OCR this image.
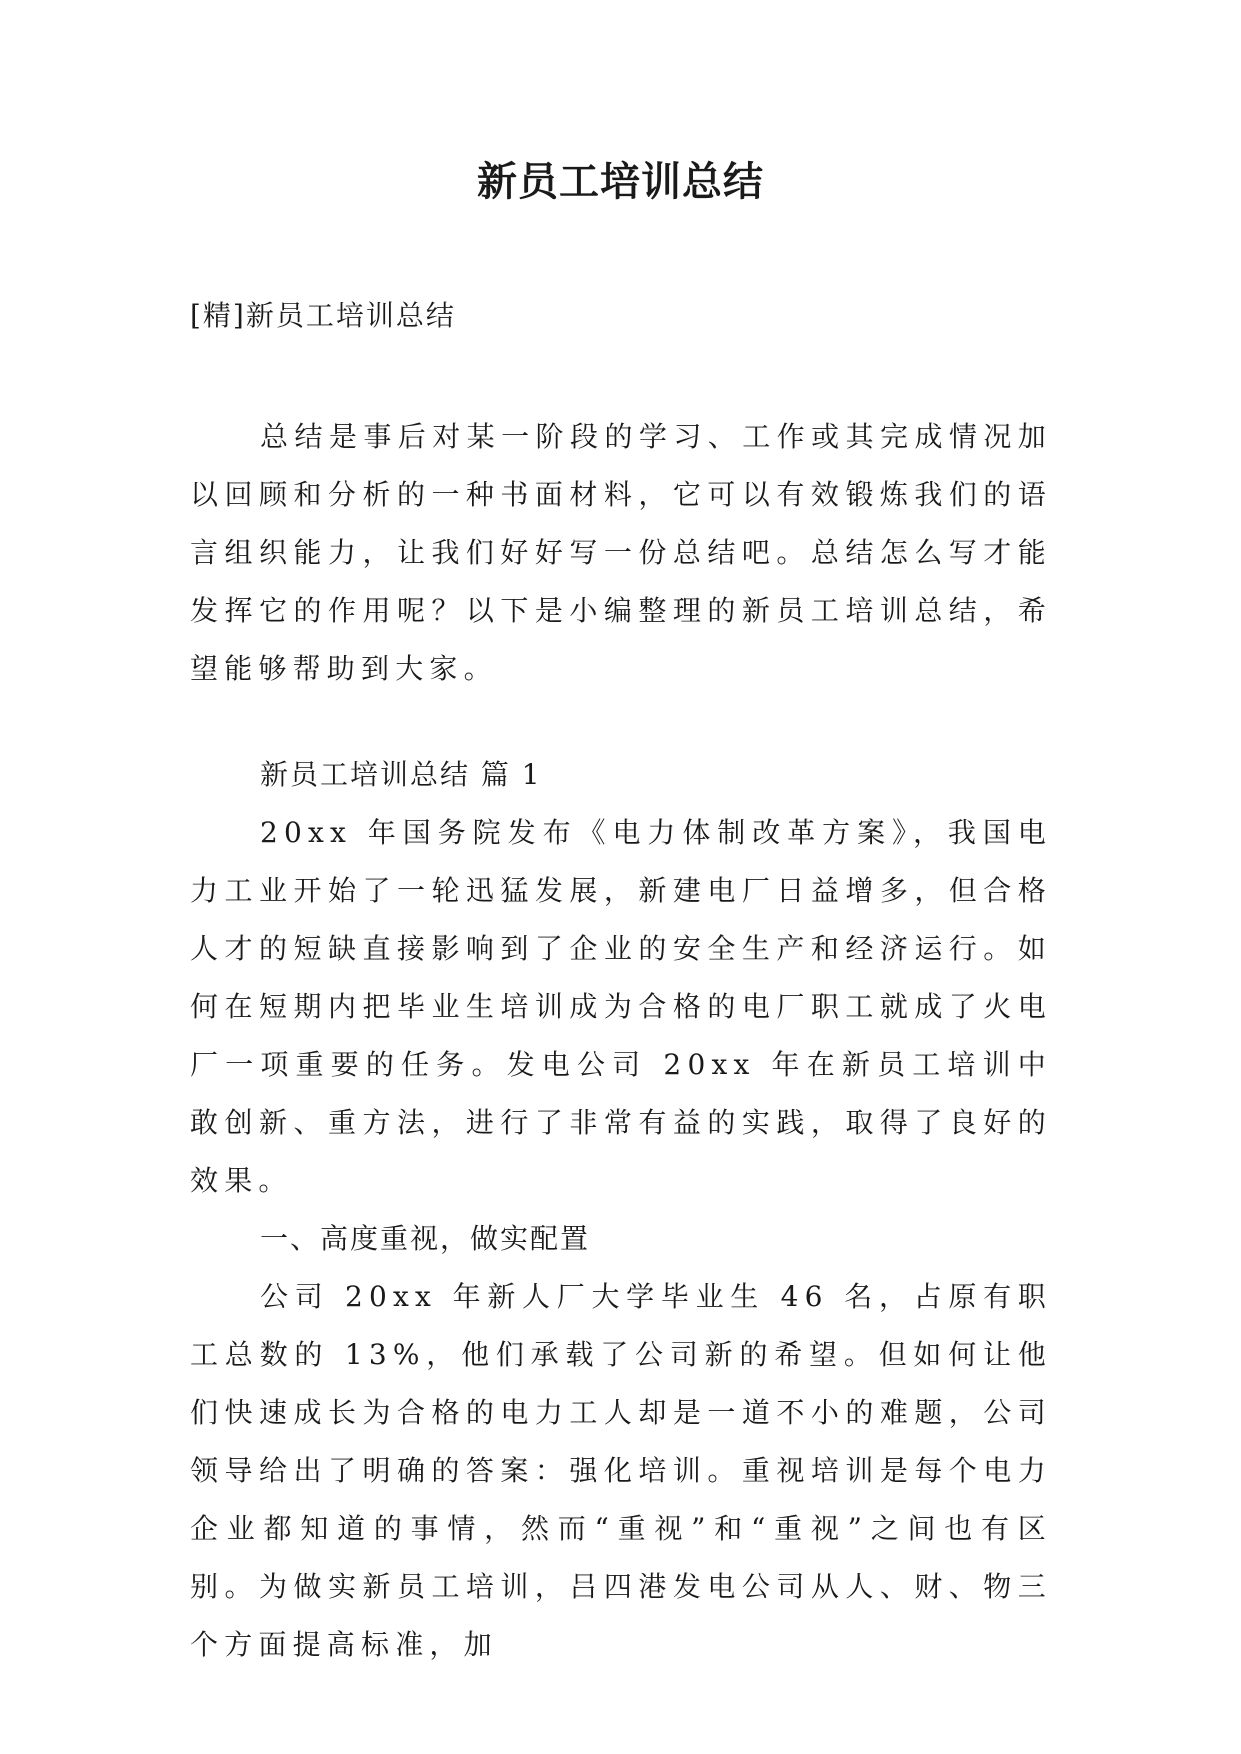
新员工培训总结

[精]新员工培训总结

总结是事后对某一阶段的学习、工作或其完成情况加以回顾和分析的一种书面材料，它可以有效锻炼我们的语言组织能力，让我们好好写一份总结吧。总结怎么写才能发挥它的作用呢？以下是小编整理的新员工培训总结，希望能够帮助到大家。

新员工培训总结 篇 1

20xx 年国务院发布《电力体制改革方案》，我国电力工业开始了一轮迅猛发展，新建电厂日益增多，但合格人才的短缺直接影响到了企业的安全生产和经济运行。如何在短期内把毕业生培训成为合格的电厂职工就成了火电厂一项重要的任务。发电公司 20xx 年在新员工培训中敢创新、重方法，进行了非常有益的实践，取得了良好的效果。

一、高度重视，做实配置

公司 20xx 年新人厂大学毕业生 46 名，占原有职工总数的 13%，他们承载了公司新的希望。但如何让他们快速成长为合格的电力工人却是一道不小的难题，公司领导给出了明确的答案：强化培训。重视培训是每个电力企业都知道的事情，然而“重视”和“重视”之间也有区别。为做实新员工培训，吕四港发电公司从人、财、物三个方面提高标准，加
